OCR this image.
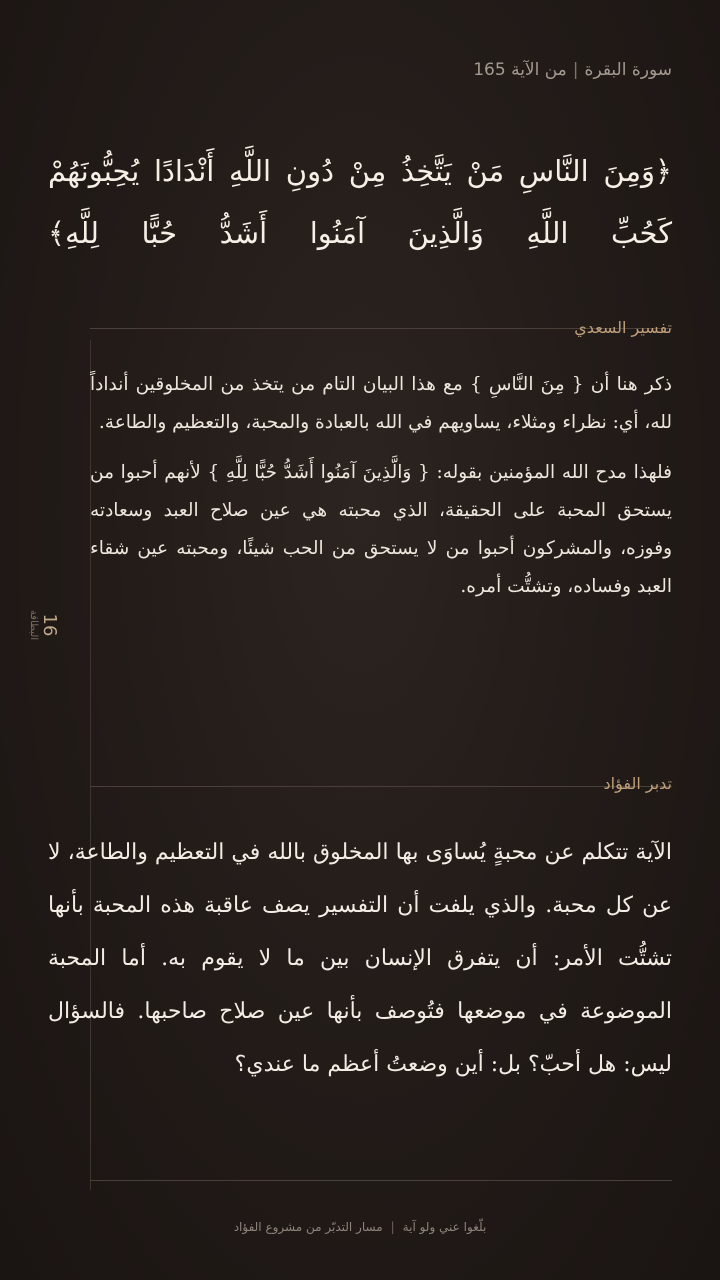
سورة البقرة|من الآية 165
﴿وَمِنَ النَّاسِ مَنْ يَتَّخِذُ مِنْ دُونِ اللَّهِ أَنْدَادًا يُحِبُّونَهُمْ كَحُبِّ اللَّهِ وَالَّذِينَ آمَنُوا أَشَدُّ حُبًّا لِلَّهِ﴾
16
البطاقة
تفسير السعدي

ذكر هنا أن { مِنَ النَّاسِ } مع هذا البيان التام من يتخذ من المخلوقين أنداداً لله، أي: نظراء ومثلاء، يساويهم في الله بالعبادة والمحبة، والتعظيم والطاعة.

فلهذا مدح الله المؤمنين بقوله: { وَالَّذِينَ آمَنُوا أَشَدُّ حُبًّا لِلَّهِ } لأنهم أحبوا من يستحق المحبة على الحقيقة، الذي محبته هي عين صلاح العبد وسعادته وفوزه، والمشركون أحبوا من لا يستحق من الحب شيئًا، ومحبته عين شقاء العبد وفساده، وتشتُّت أمره.

تدبر الفؤاد

الآية تتكلم عن محبةٍ يُساوَى بها المخلوق بالله في التعظيم والطاعة، لا عن كل محبة. والذي يلفت أن التفسير يصف عاقبة هذه المحبة بأنها تشتُّت الأمر: أن يتفرق الإنسان بين ما لا يقوم به. أما المحبة الموضوعة في موضعها فتُوصف بأنها عين صلاح صاحبها. فالسؤال ليس: هل أحبّ؟ بل: أين وضعتُ أعظم ما عندي؟

بلّغوا عني ولو آية|مسار التدبّر من مشروع الفؤاد
